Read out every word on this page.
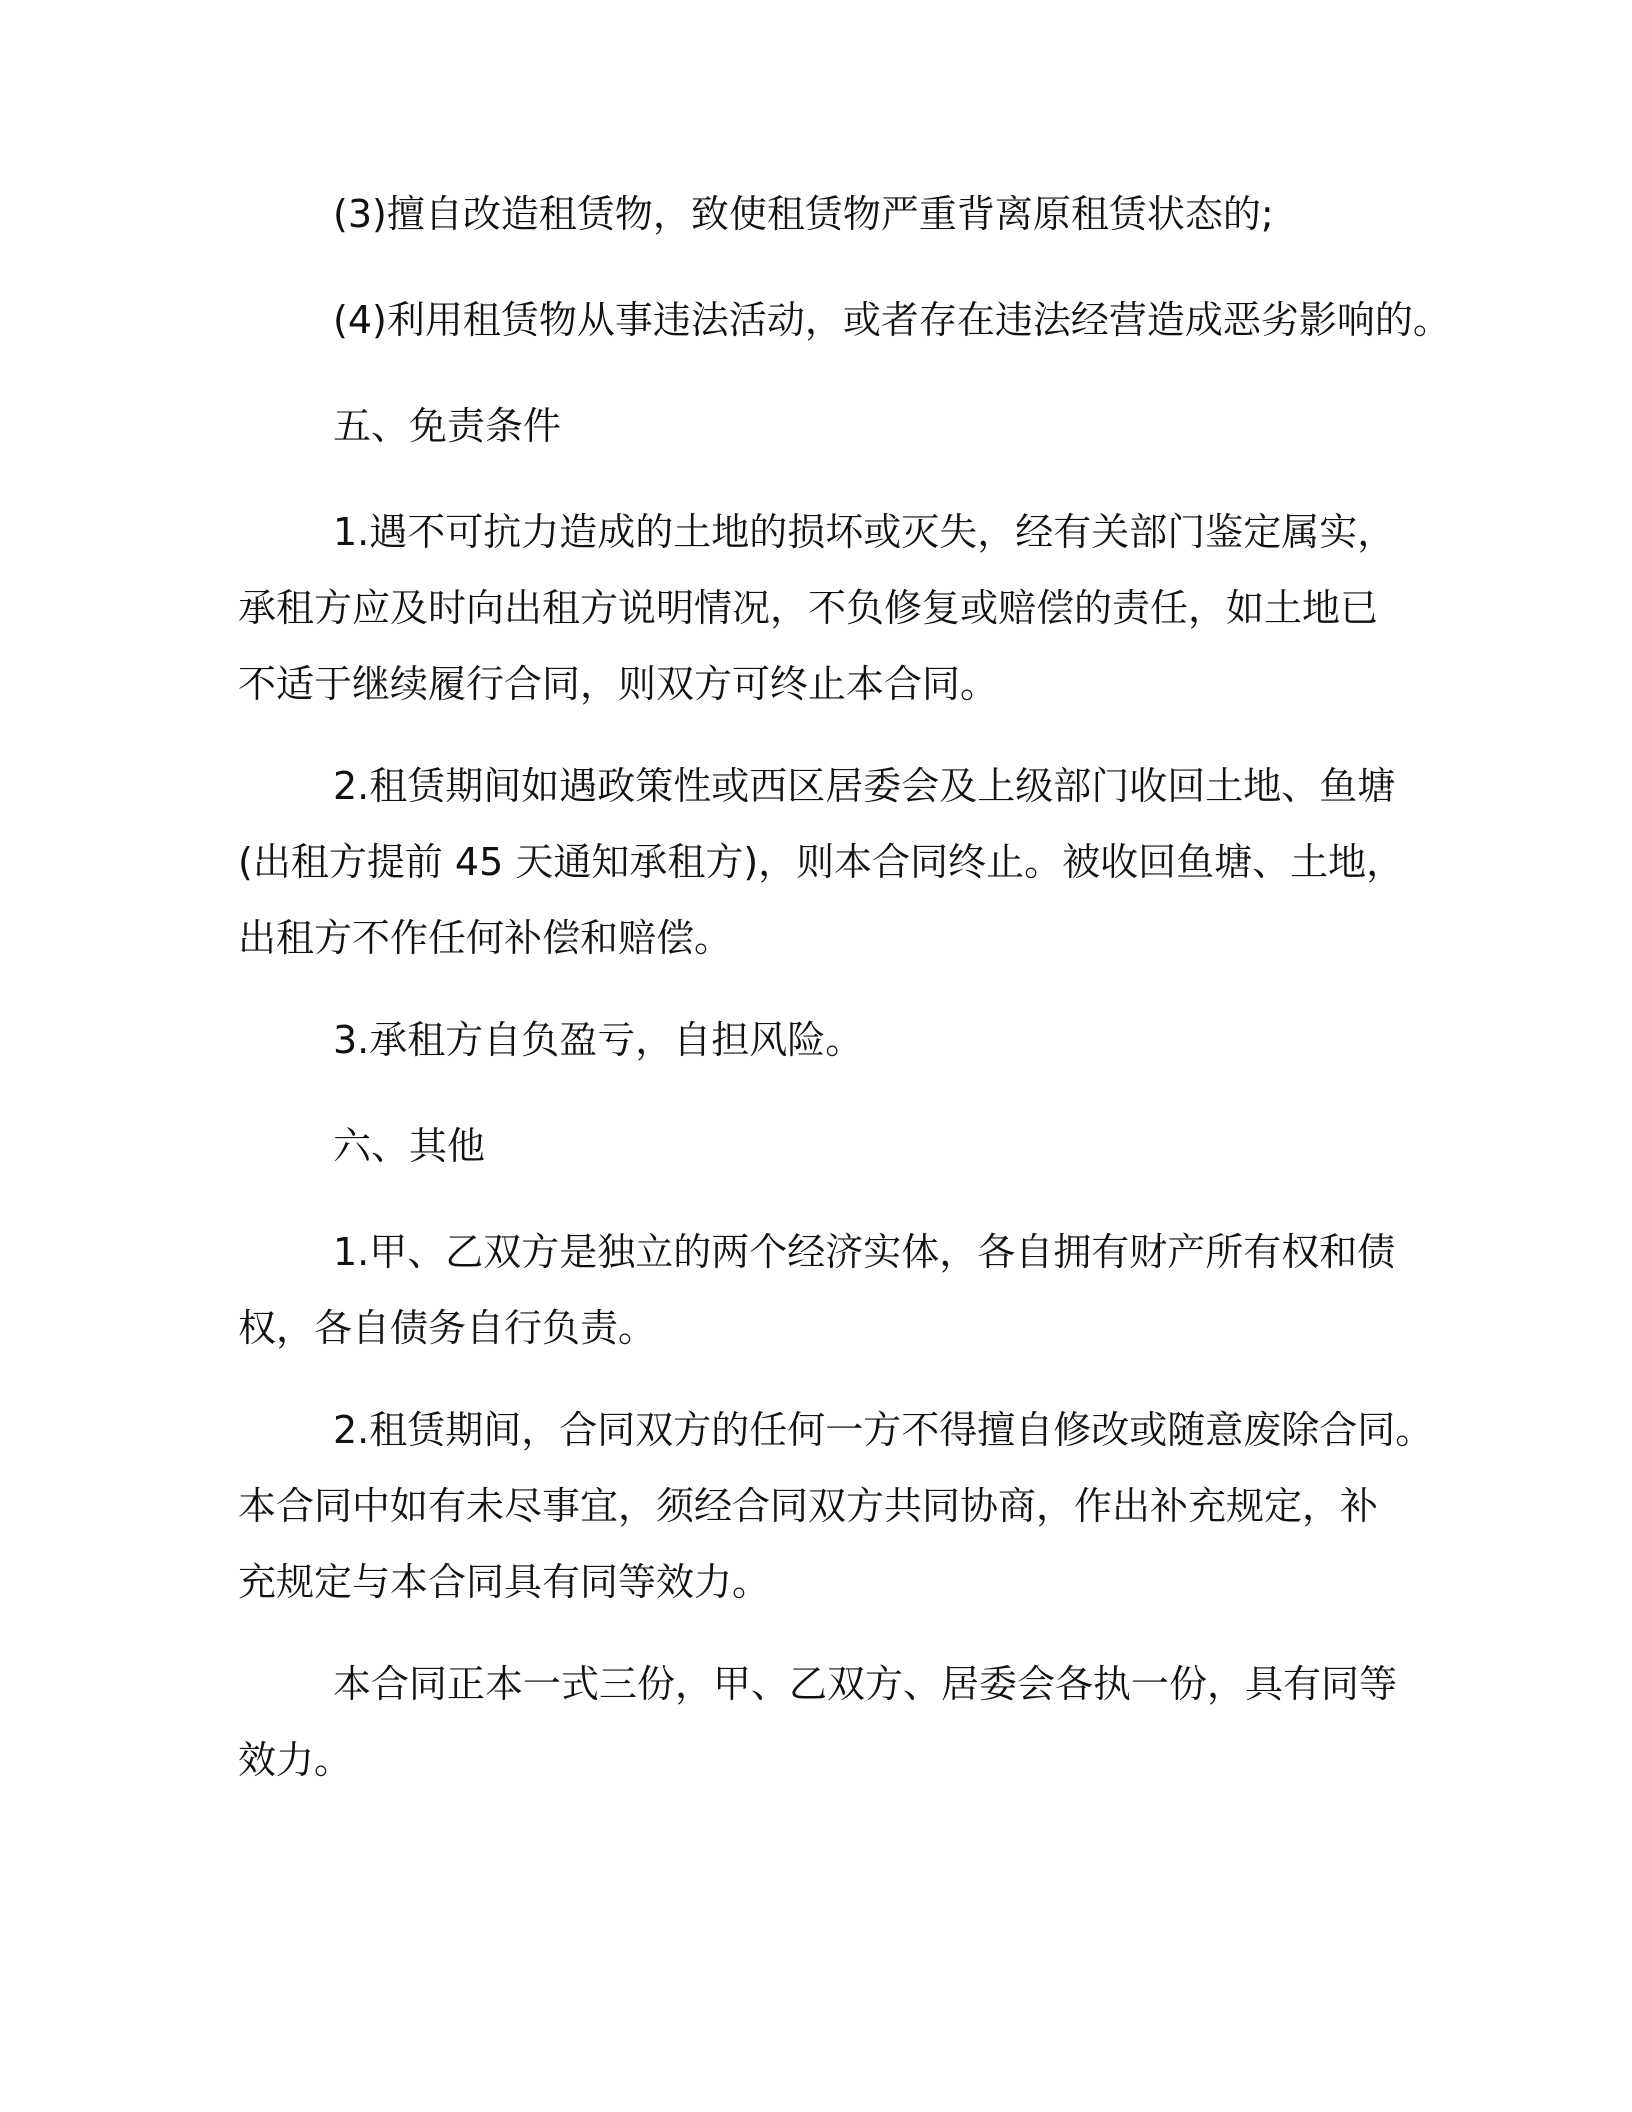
(3)擅自改造租赁物，致使租赁物严重背离原租赁状态的;
(4)利用租赁物从事违法活动，或者存在违法经营造成恶劣影响的。
五、免责条件
1.遇不可抗力造成的土地的损坏或灭失，经有关部门鉴定属实，
承租方应及时向出租方说明情况，不负修复或赔偿的责任，如土地已
不适于继续履行合同，则双方可终止本合同。
2.租赁期间如遇政策性或西区居委会及上级部门收回土地、鱼塘
(出租方提前 45 天通知承租方)，则本合同终止。被收回鱼塘、土地，
出租方不作任何补偿和赔偿。
3.承租方自负盈亏，自担风险。
六、其他
1.甲、乙双方是独立的两个经济实体，各自拥有财产所有权和债
权，各自债务自行负责。
2.租赁期间，合同双方的任何一方不得擅自修改或随意废除合同。
本合同中如有未尽事宜，须经合同双方共同协商，作出补充规定，补
充规定与本合同具有同等效力。
本合同正本一式三份，甲、乙双方、居委会各执一份，具有同等
效力。
